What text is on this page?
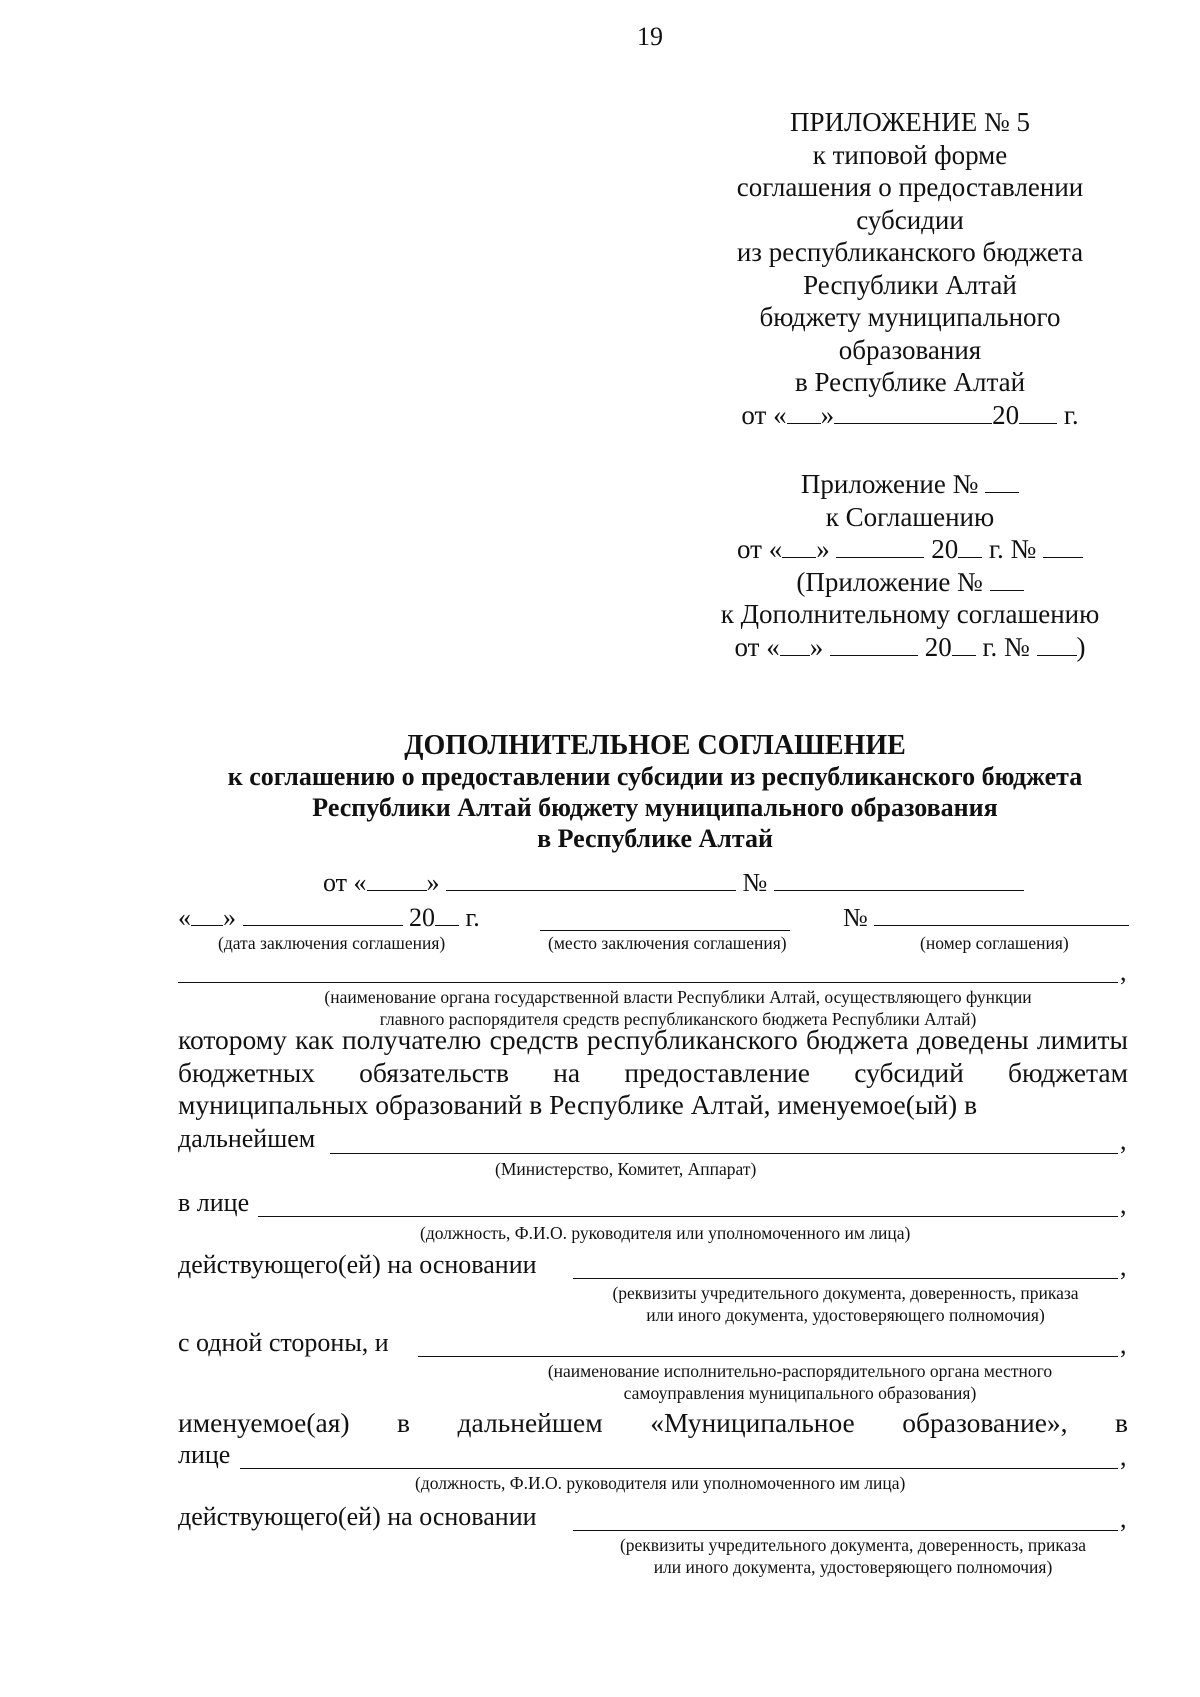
19
ПРИЛОЖЕНИЕ № 5
к типовой форме
соглашения о предоставлении
субсидии
из республиканского бюджета
Республики Алтай
бюджету муниципального
образования
в Республике Алтай
от « »	20 г.
Приложение №
к Соглашению
от « »	20 г. №
(Приложение №
к Дополнительному соглашению
от « »	20 г. № )
ДОПОЛНИТЕЛЬНОЕ СОГЛАШЕНИЕ
к соглашению о предоставлении субсидии из республиканского бюджета
Республики Алтай бюджету муниципального образования
в Республике Алтай
от « »	№
« »	20 г.	№
(дата заключения соглашения)	(место заключения соглашения)	(номер соглашения)
,
(наименование органа государственной власти Республики Алтай, осуществляющего функции
главного распорядителя средств республиканского бюджета Республики Алтай)
которому как получателю средств республиканского бюджета доведены лимиты бюджетных обязательств на предоставление субсидий бюджетам муниципальных образований в Республике Алтай, именуемое(ый) в
дальнейшем	,
(Министерство, Комитет, Аппарат)
в лице	,
(должность, Ф.И.О. руководителя или уполномоченного им лица)
действующего(ей) на основании	,
(реквизиты учредительного документа, доверенность, приказа
или иного документа, удостоверяющего полномочия)
с одной стороны, и	,
(наименование исполнительно-распорядительного органа местного
самоуправления муниципального образования)
именуемое(ая) в дальнейшем «Муниципальное образование», в
лице	,
(должность, Ф.И.О. руководителя или уполномоченного им лица)
действующего(ей) на основании	,
(реквизиты учредительного документа, доверенность, приказа
или иного документа, удостоверяющего полномочия)
